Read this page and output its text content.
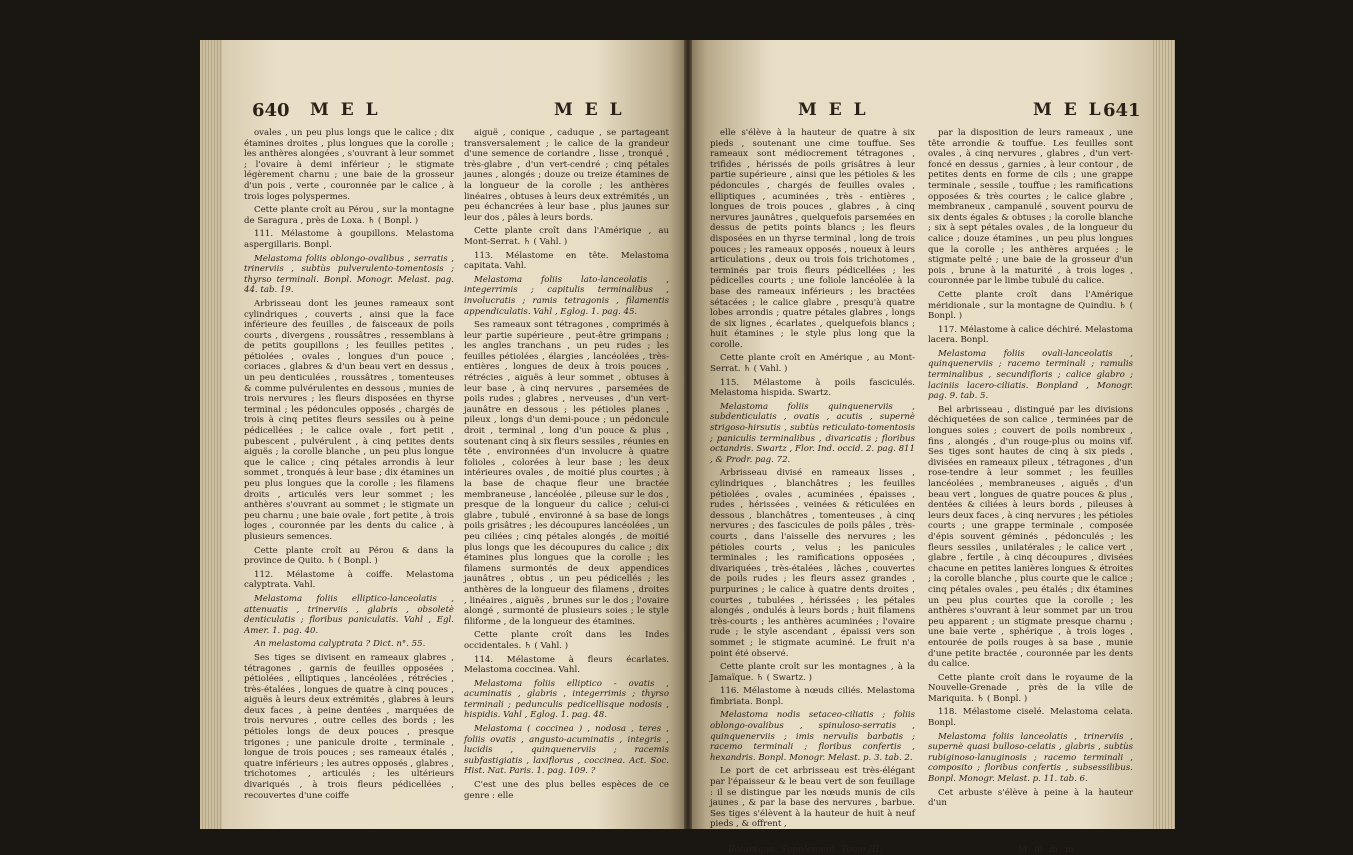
640 M E L	M E L

ovales , un peu plus longs que le calice ; dix étamines droites , plus longues que la corolle ; les anthères alongées , s'ouvrant à leur sommet ; l'ovaire à demi inférieur ; le stigmate légèrement charnu ; une baie de la grosseur d'un pois , verte , couronnée par le calice , à trois loges polyspermes.

Cette plante croît au Pérou , sur la montagne de Saragura , près de Loxa. ♄ ( Bonpl. )

111. Mélastome à goupillons. Melastoma aspergillaris. Bonpl.

Melastoma foliis oblongo-ovalibus , serratis , trinerviis , subtùs pulverulento-tomentosis ; thyrso terminali. Bonpl. Monogr. Melast. pag. 44. tab. 19.

Arbrisseau dont les jeunes rameaux sont cylindriques , couverts , ainsi que la face inférieure des feuilles , de faisceaux de poils courts , divergens , roussâtres , ressemblans à de petits goupillons ; les feuilles petites , pétiolées , ovales , longues d'un pouce , coriaces , glabres & d'un beau vert en dessus , un peu denticulées , roussâtres , tomenteuses & comme pulvérulentes en dessous , munies de trois nervures ; les fleurs disposées en thyrse terminal ; les pédoncules opposés , chargés de trois à cinq petites fleurs sessiles ou à peine pédicellées ; le calice ovale , fort petit , pubescent , pulvérulent , à cinq petites dents aiguës ; la corolle blanche , un peu plus longue que le calice ; cinq pétales arrondis à leur sommet , tronqués à leur base ; dix étamines un peu plus longues que la corolle ; les filamens droits , articulés vers leur sommet ; les anthères s'ouvrant au sommet ; le stigmate un peu charnu ; une baie ovale , fort petite , à trois loges , couronnée par les dents du calice , à plusieurs semences.

Cette plante croît au Pérou & dans la province de Quito. ♄ ( Bonpl. )

112. Mélastome à coiffe. Melastoma calyptrata. Vahl.

Melastoma foliis elliptico-lanceolatis , attenuatis , trinerviis , glabris , obsoletè denticulatis ; floribus paniculatis. Vahl , Egl. Amer. 1. pag. 40.

An melastoma calyptrata ? Dict. n°. 55.

Ses tiges se divisent en rameaux glabres , tétragones , garnis de feuilles opposées , pétiolées , elliptiques , lancéolées , rétrécies , très-étalées , longues de quatre à cinq pouces , aiguës à leurs deux extrémités , glabres à leurs deux faces , à peine dentées , marquées de trois nervures , outre celles des bords ; les pétioles longs de deux pouces , presque trigones ; une panicule droite , terminale , longue de trois pouces ; ses rameaux étalés , quatre inférieurs ; les autres opposés , glabres , trichotomes , articulés ; les ultérieurs divariqués , à trois fleurs pédicellées , recouvertes d'une coiffe

aiguë , conique , caduque , se partageant transversalement ; le calice de la grandeur d'une semence de coriandre , lisse , tronqué , très-glabre , d'un vert-cendré ; cinq pétales jaunes , alongés ; douze ou treize étamines de la longueur de la corolle ; les anthères linéaires , obtuses à leurs deux extrémités , un peu échancrées à leur base , plus jaunes sur leur dos , pâles à leurs bords.

Cette plante croît dans l'Amérique , au Mont-Serrat. ♄ ( Vahl. )

113. Mélastome en tête. Melastoma capitata. Vahl.

Melastoma foliis lato-lanceolatis , integerrimis ; capitulis terminalibus , involucratis ; ramis tetragonis , filamentis appendiculatis. Vahl , Eglog. 1. pag. 45.

Ses rameaux sont tétragones , comprimés à leur partie supérieure , peut-être grimpans ; les angles tranchans , un peu rudes ; les feuilles pétiolées , élargies , lancéolées , très-entières , longues de deux à trois pouces , rétrécies , aiguës à leur sommet , obtuses à leur base , à cinq nervures , parsemées de poils rudes ; glabres , nerveuses , d'un vert-jaunâtre en dessous ; les pétioles planes , pileux , longs d'un demi-pouce ; un pédoncule droit , terminal , long d'un pouce & plus , soutenant cinq à six fleurs sessiles , réunies en tête , environnées d'un involucre à quatre folioles , colorées à leur base ; les deux intérieures ovales , de moitié plus courtes ; à la base de chaque fleur une bractée membraneuse , lancéolée , pileuse sur le dos , presque de la longueur du calice ; celui-ci glabre , tubulé , environné à sa base de longs poils grisâtres ; les découpures lancéolées , un peu ciliées ; cinq pétales alongés , de moitié plus longs que les découpures du calice ; dix étamines plus longues que la corolle ; les filamens surmontés de deux appendices jaunâtres , obtus , un peu pédicellés ; les anthères de la longueur des filamens , droites , linéaires , aiguës , brunes sur le dos ; l'ovaire alongé , surmonté de plusieurs soies ; le style filiforme , de la longueur des étamines.

Cette plante croît dans les Indes occidentales. ♄ ( Vahl. )

114. Mélastome à fleurs écarlates. Melastoma coccinea. Vahl.

Melastoma foliis elliptico - ovatis , acuminatis , glabris , integerrimis ; thyrso terminali ; pedunculis pedicellisque nodosis , hispidis. Vahl , Eglog. 1. pag. 48.

Melastoma ( coccinea ) , nodosa , teres , foliis ovatis , angusto-acuminatis , integris , lucidis , quinquenerviis ; racemis subfastigiatis , laxiflorus , coccinea. Act. Soc. Hist. Nat. Paris. 1. pag. 109. ?

C'est une des plus belles espèces de ce genre : elle

M E L	M E L 641

elle s'élève à la hauteur de quatre à six pieds , soutenant une cime touffue. Ses rameaux sont médiocrement tétragones , trifides , hérissés de poils grisâtres à leur partie supérieure , ainsi que les pétioles & les pédoncules , chargés de feuilles ovales , elliptiques , acuminées , très - entières , longues de trois pouces , glabres , à cinq nervures jaunâtres , quelquefois parsemées en dessus de petits points blancs ; les fleurs disposées en un thyrse terminal , long de trois pouces ; les rameaux opposés , noueux à leurs articulations , deux ou trois fois trichotomes , terminés par trois fleurs pédicellées ; les pédicelles courts ; une foliole lancéolée à la base des rameaux inférieurs ; les bractées sétacées ; le calice glabre , presqu'à quatre lobes arrondis ; quatre pétales glabres , longs de six lignes , écarlates , quelquefois blancs ; huit étamines ; le style plus long que la corolle.

Cette plante croît en Amérique , au Mont-Serrat. ♄ ( Vahl. )

115. Mélastome à poils fasciculés. Melastoma hispida. Swartz.

Melastoma foliis quinquenerviis , subdenticulatis , ovatis , acutis , supernè strigoso-hirsutis , subtùs reticulato-tomentosis ; paniculis terminalibus , divaricatis ; floribus octandris. Swartz , Flor. Ind. occid. 2. pag. 811 , & Prodr. pag. 72.

Arbrisseau divisé en rameaux lisses , cylindriques , blanchâtres ; les feuilles pétiolées , ovales , acuminées , épaisses , rudes , hérissées , veinées & réticulées en dessous , blanchâtres , tomenteuses , à cinq nervures ; des fascicules de poils pâles , très-courts , dans l'aisselle des nervures ; les pétioles courts , velus ; les panicules terminales ; les ramifications opposées , divariquées , très-étalées , lâches , couvertes de poils rudes ; les fleurs assez grandes , purpurines ; le calice à quatre dents droites , courtes , tubulées , hérissées ; les pétales alongés , ondulés à leurs bords ; huit filamens très-courts ; les anthères acuminées ; l'ovaire rude ; le style ascendant , épaissi vers son sommet ; le stigmate acuminé. Le fruit n'a point été observé.

Cette plante croît sur les montagnes , à la Jamaïque. ♄ ( Swartz. )

116. Mélastome à nœuds ciliés. Melastoma fimbriata. Bonpl.

Melastoma nodis setaceo-ciliatis ; foliis oblongo-ovalibus , spinuloso-serratis , quinquenerviis ; imis nervulis barbatis ; racemo terminali ; floribus confertis , hexandris. Bonpl. Monogr. Melast. p. 3. tab. 2.

Le port de cet arbrisseau est très-élégant par l'épaisseur & le beau vert de son feuillage : il se distingue par les nœuds munis de cils jaunes , & par la base des nervures , barbue. Ses tiges s'élèvent à la hauteur de huit à neuf pieds , & offrent ,

par la disposition de leurs rameaux , une tête arrondie & touffue. Les feuilles sont ovales , à cinq nervures , glabres , d'un vert-foncé en dessus , garnies , à leur contour , de petites dents en forme de cils ; une grappe terminale , sessile , touffue ; les ramifications opposées & très courtes ; le calice glabre , membraneux , campanulé , souvent pourvu de six dents égales & obtuses ; la corolle blanche ; six à sept pétales ovales , de la longueur du calice ; douze étamines , un peu plus longues que la corolle ; les anthères arquées ; le stigmate pelté ; une baie de la grosseur d'un pois , brune à la maturité , à trois loges , couronnée par le limbe tubulé du calice.

Cette plante croît dans l'Amérique méridionale , sur la montagne de Quindiu. ♄ ( Bonpl. )

117. Mélastome à calice déchiré. Melastoma lacera. Bonpl.

Melastoma foliis ovali-lanceolatis , quinquenerviis ; racemo terminali ; ramulis terminalibus , secundifloris ; calice glabro ; laciniis lacero-ciliatis. Bonpland , Monogr. pag. 9. tab. 5.

Bel arbrisseau , distingué par les divisions déchiquetées de son calice , terminées par de longues soies ; couvert de poils nombreux , fins , alongés , d'un rouge-plus ou moins vif. Ses tiges sont hautes de cinq à six pieds , divisées en rameaux pileux , tétragones , d'un rose-tendre à leur sommet ; les feuilles lancéolées , membraneuses , aiguës , d'un beau vert , longues de quatre pouces & plus , dentées & ciliées à leurs bords , pileuses à leurs deux faces , à cinq nervures ; les pétioles courts ; une grappe terminale , composée d'épis souvent géminés , pédonculés ; les fleurs sessiles , unilatérales ; le calice vert , glabre , fertile , à cinq découpures , divisées chacune en petites lanières longues & étroites ; la corolle blanche , plus courte que le calice ; cinq pétales ovales , peu étalés ; dix étamines un peu plus courtes que la corolle ; les anthères s'ouvrant à leur sommet par un trou peu apparent ; un stigmate presque charnu ; une baie verte , sphérique , à trois loges , entourée de poils rouges à sa base , munie d'une petite bractée , couronnée par les dents du calice.

Cette plante croît dans le royaume de la Nouvelle-Grenade , près de la ville de Mariquita. ♄ ( Bonpl. )

118. Mélastome ciselé. Melastoma celata. Bonpl.

Melastoma foliis lanceolatis , trinerviis , supernè quasi bulloso-celatis , glabris , subtùs rubiginoso-lanuginosis ; racemo terminali , composito ; floribus confertis , subsessilibus. Bonpl. Monogr. Melast. p. 11. tab. 6.

Cet arbuste s'élève à peine à la hauteur d'un

Botanique. Supplément. Tome III.	M m m m
